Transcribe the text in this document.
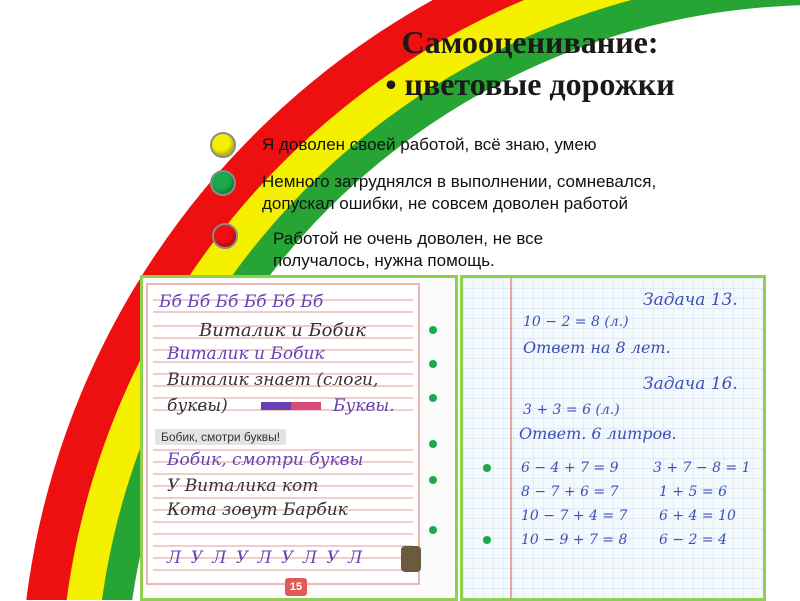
Самооценивание:
• цветовые дорожки
Я доволен своей работой, всё знаю, умею
Немного затруднялся в выполнении, сомневался, допускал ошибки, не совсем доволен работой
Работой не очень доволен, не все получалось, нужна помощь.
Бб Бб Бб Бб Бб Бб
Виталик и Бобик
Виталик и Бобик
Виталик знает (слоги,
буквы)	Буквы.
Бобик, смотри буквы!
Бобик, смотри буквы
У Виталика кот
Кота зовут Барбик
Л У Л У Л У Л У Л
15
Задача 13.
10 − 2 = 8 (л.)
Ответ на 8 лет.
Задача 16.
3 + 3 = 6 (л.)
Ответ. 6 литров.
6 − 4 + 7 = 9
8 − 7 + 6 = 7
10 − 7 + 4 = 7
10 − 9 + 7 = 8
3 + 7 − 8 = 1
1 + 5 = 6
6 + 4 = 10
6 − 2 = 4
